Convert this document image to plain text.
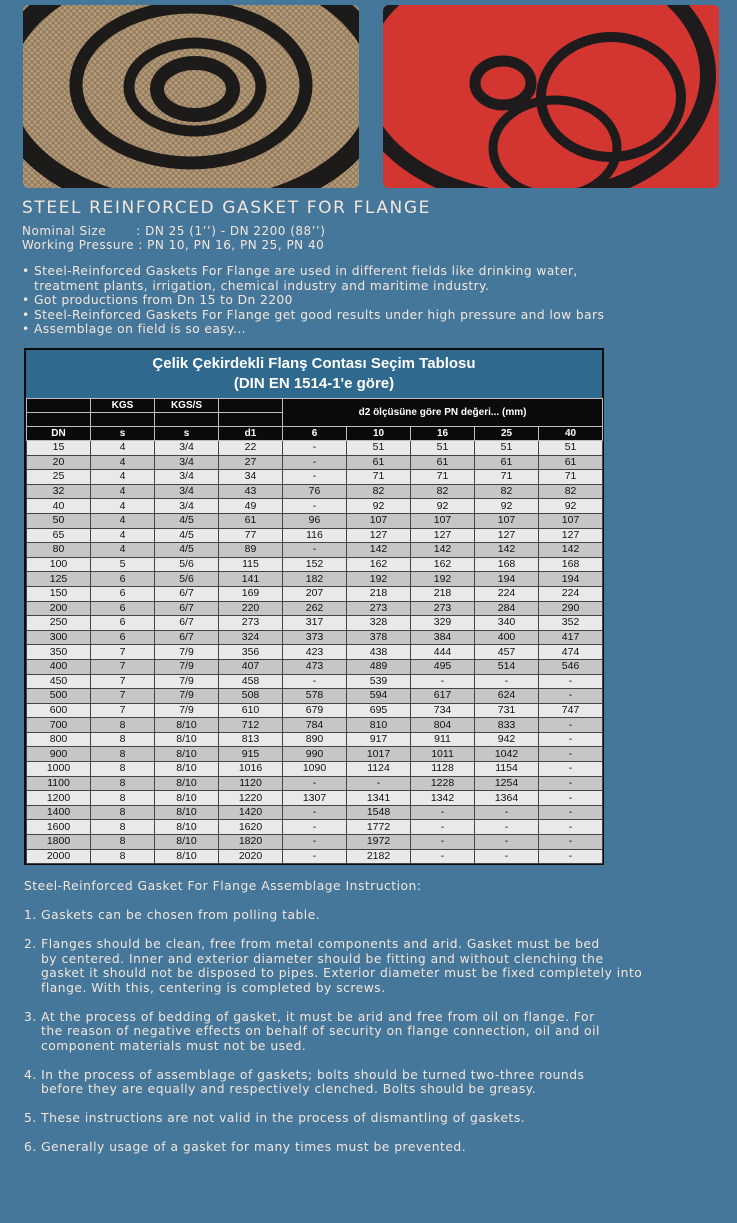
STEEL REINFORCED GASKET FOR FLANGE
Nominal Size       : DN 25 (1’’) - DN 2200 (88’’)
Working Pressure : PN 10, PN 16, PN 25, PN 40

• Steel-Reinforced Gaskets For Flange are used in different fields like drinking water,

treatment plants, irrigation, chemical industry and maritime industry.

• Got productions from Dn 15 to Dn 2200

• Steel-Reinforced Gaskets For Flange get good results under high pressure and low bars

• Assemblage on field is so easy...

Çelik Çekirdekli Flanş Contası Seçim Tablosu
(DIN EN 1514-1'e göre)
	KGS	KGS/S		d2 ölçüsüne göre PN değeri... (mm)				

DN	s	s	d1	6	10	16	25	40
15	4	3/4	22	-	51	51	51	51
20	4	3/4	27	-	61	61	61	61
25	4	3/4	34	-	71	71	71	71
32	4	3/4	43	76	82	82	82	82
40	4	3/4	49	-	92	92	92	92
50	4	4/5	61	96	107	107	107	107
65	4	4/5	77	116	127	127	127	127
80	4	4/5	89	-	142	142	142	142
100	5	5/6	115	152	162	162	168	168
125	6	5/6	141	182	192	192	194	194
150	6	6/7	169	207	218	218	224	224
200	6	6/7	220	262	273	273	284	290
250	6	6/7	273	317	328	329	340	352
300	6	6/7	324	373	378	384	400	417
350	7	7/9	356	423	438	444	457	474
400	7	7/9	407	473	489	495	514	546
450	7	7/9	458	-	539	-	-	-
500	7	7/9	508	578	594	617	624	-
600	7	7/9	610	679	695	734	731	747
700	8	8/10	712	784	810	804	833	-
800	8	8/10	813	890	917	911	942	-
900	8	8/10	915	990	1017	1011	1042	-
1000	8	8/10	1016	1090	1124	1128	1154	-
1100	8	8/10	1120	-	-	1228	1254	-
1200	8	8/10	1220	1307	1341	1342	1364	-
1400	8	8/10	1420	-	1548	-	-	-
1600	8	8/10	1620	-	1772	-	-	-
1800	8	8/10	1820	-	1972	-	-	-
2000	8	8/10	2020	-	2182	-	-	-

Steel-Reinforced Gasket For Flange Assemblage Instruction:

1. Gaskets can be chosen from polling table.

2. Flanges should be clean, free from metal components and arid. Gasket must be bed
by centered. Inner and exterior diameter should be fitting and without clenching the
gasket it should not be disposed to pipes. Exterior diameter must be fixed completely into
flange. With this, centering is completed by screws.

3. At the process of bedding of gasket, it must be arid and free from oil on flange. For
the reason of negative effects on behalf of security on flange connection, oil and oil
component materials must not be used.

4. In the process of assemblage of gaskets; bolts should be turned two-three rounds
before they are equally and respectively clenched. Bolts should be greasy.

5. These instructions are not valid in the process of dismantling of gaskets.

6. Generally usage of a gasket for many times must be prevented.
